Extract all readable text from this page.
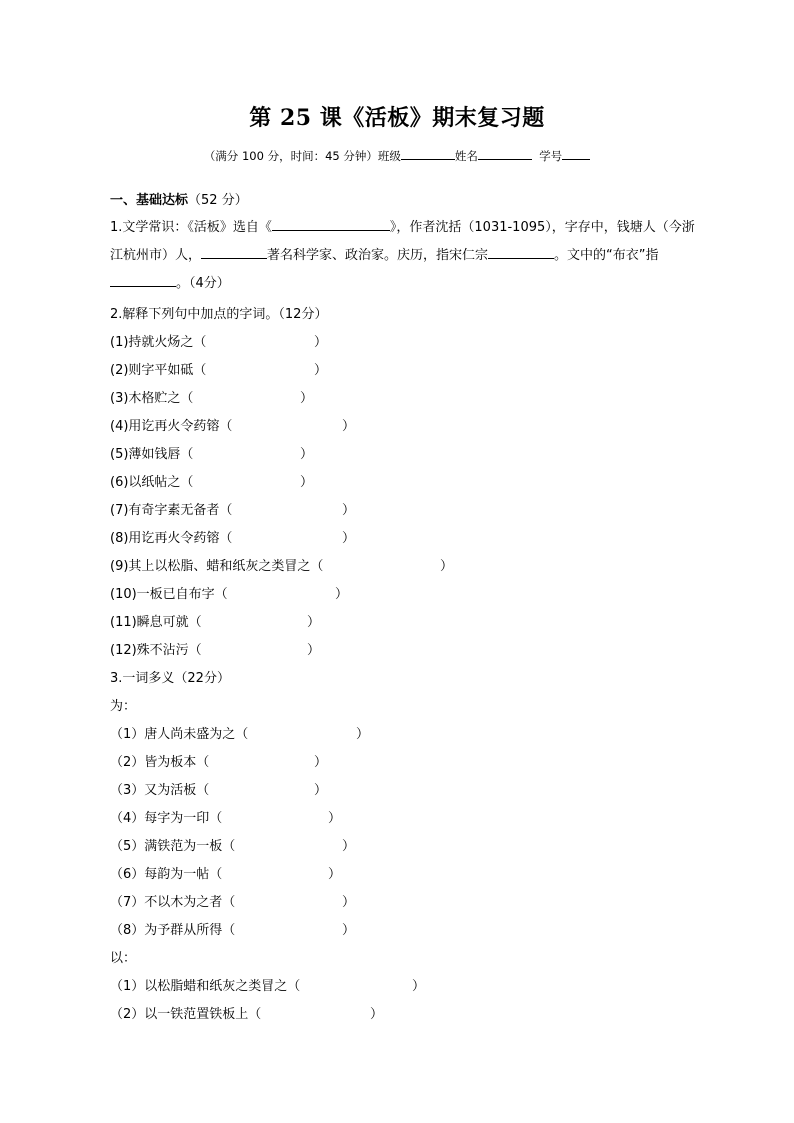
第 25 课《活板》期末复习题
（满分 100 分，时间：45 分钟）班级	姓名	学号
一、基础达标（52 分）
1.文学常识：《活板》选自《	》，作者沈括（1031-1095），字存中，钱塘人（今浙江杭州市）人，	著名科学家、政治家。庆历，指宋仁宗	。文中的“布衣”指。（4分）
2.解释下列句中加点的字词。（12分）
(1)持就火炀之（	）
(2)则字平如砥（	）
(3)木格贮之（	）
(4)用讫再火令药镕（	）
(5)薄如钱唇（	）
(6)以纸帖之（	）
(7)有奇字素无备者（	）
(8)用讫再火令药镕（	）
(9)其上以松脂、蜡和纸灰之类冒之（	）
(10)一板已自布字（	）
(11)瞬息可就（	）
(12)殊不沾污（	）
3.一词多义（22分）
为：
（1）唐人尚未盛为之（	）
（2）皆为板本（	）
（3）又为活板（	）
（4）每字为一印（	）
（5）满铁范为一板（	）
（6）每韵为一帖（	）
（7）不以木为之者（	）
（8）为予群从所得（	）
以：
（1）以松脂蜡和纸灰之类冒之（	）
（2）以一铁范置铁板上（	）
